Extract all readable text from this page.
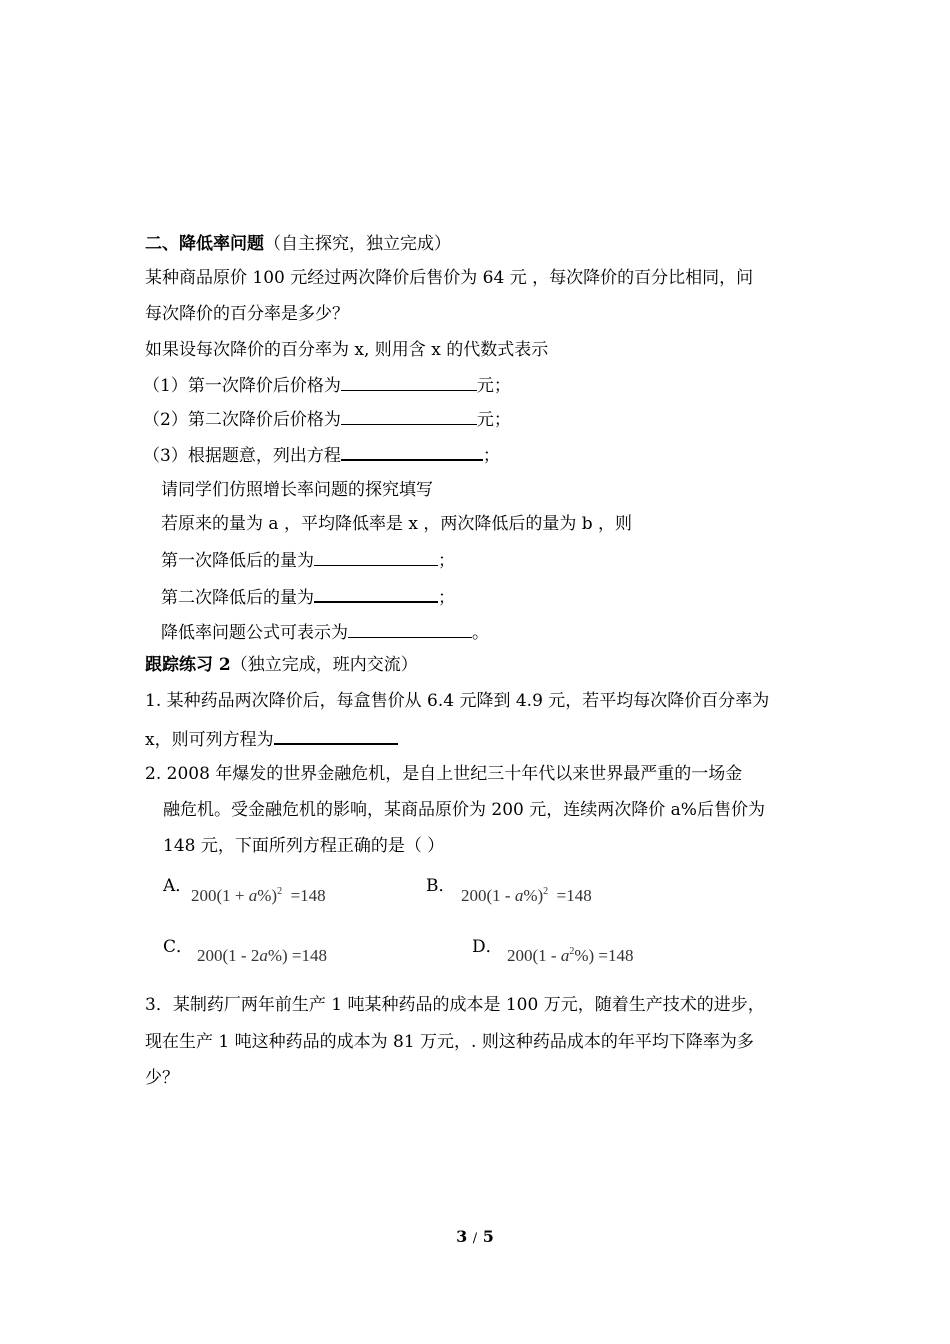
二、降低率问题（自主探究，独立完成）
某种商品原价 100 元经过两次降价后售价为 64 元 ，每次降价的百分比相同，问
每次降价的百分率是多少？
如果设每次降价的百分率为 x, 则用含 x 的代数式表示
（1）第一次降价后价格为	元；
（2）第二次降价后价格为	元；
（3）根据题意，列出方程	；
请同学们仿照增长率问题的探究填写
若原来的量为 a ，平均降低率是 x ，两次降低后的量为 b ，则
第一次降低后的量为	；
第二次降低后的量为	；
降低率问题公式可表示为	。
跟踪练习 2（独立完成，班内交流）
1. 某种药品两次降价后，每盒售价从 6.4 元降到 4.9 元，若平均每次降价百分率为
x，则可列方程为
2. 2008 年爆发的世界金融危机，是自上世纪三十年代以来世界最严重的一场金
融危机。受金融危机的影响，某商品原价为 200 元，连续两次降价 a%后售价为
148 元，下面所列方程正确的是（ ）
A．
$200(1 + a\%)^2 =148$	B． 200(1 - a%)$^2$ =148
C． 200(1 - 2a%) =148	D． $200(1 - a^2\%) =148$
3．某制药厂两年前生产 1 吨某种药品的成本是 100 万元，随着生产技术的进步，
现在生产 1 吨这种药品的成本为 81 万元，. 则这种药品成本的年平均下降率为多
少？
3 / 5
